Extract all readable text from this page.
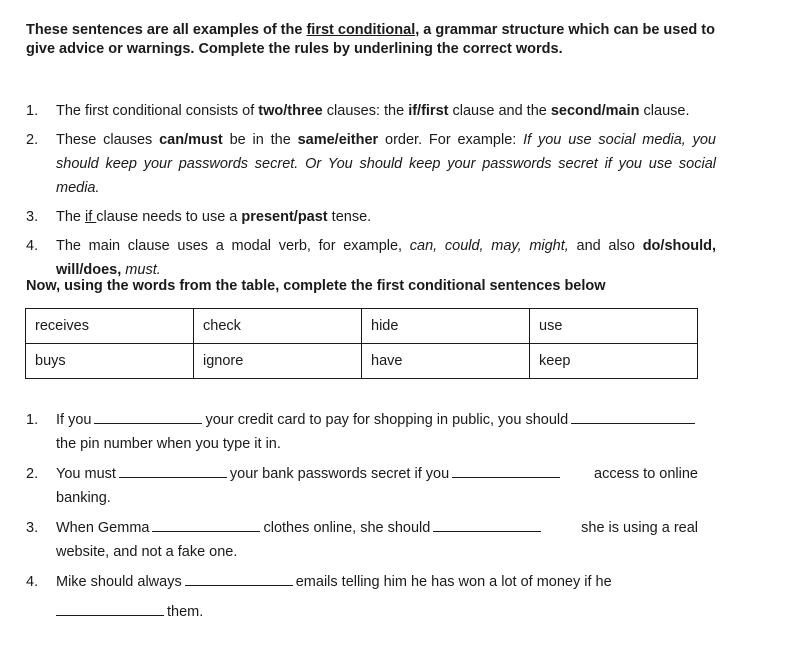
These sentences are all examples of the first conditional, a grammar structure which can be used to give advice or warnings. Complete the rules by underlining the correct words.

1. The first conditional consists of two/three clauses: the if/first clause and the second/main clause.
2. These clauses can/must be in the same/either order. For example: If you use social media, you should keep your passwords secret. Or You should keep your passwords secret if you use social media.
3. The if clause needs to use a present/past tense.
4. The main clause uses a modal verb, for example, can, could, may, might, and also do/should, will/does, must.

Now, using the words from the table, complete the first conditional sentences below

receives	check	hide	use
buys	ignore	have	keep
1. If you	your credit card to pay for shopping in public, you should
the pin number when you type it in.
2. You must	your bank passwords secret if you	access to online
banking.
3. When Gemma	clothes online, she should	she is using a real
website, and not a fake one.
4. Mike should always	emails telling him he has won a lot of money if he
them.
